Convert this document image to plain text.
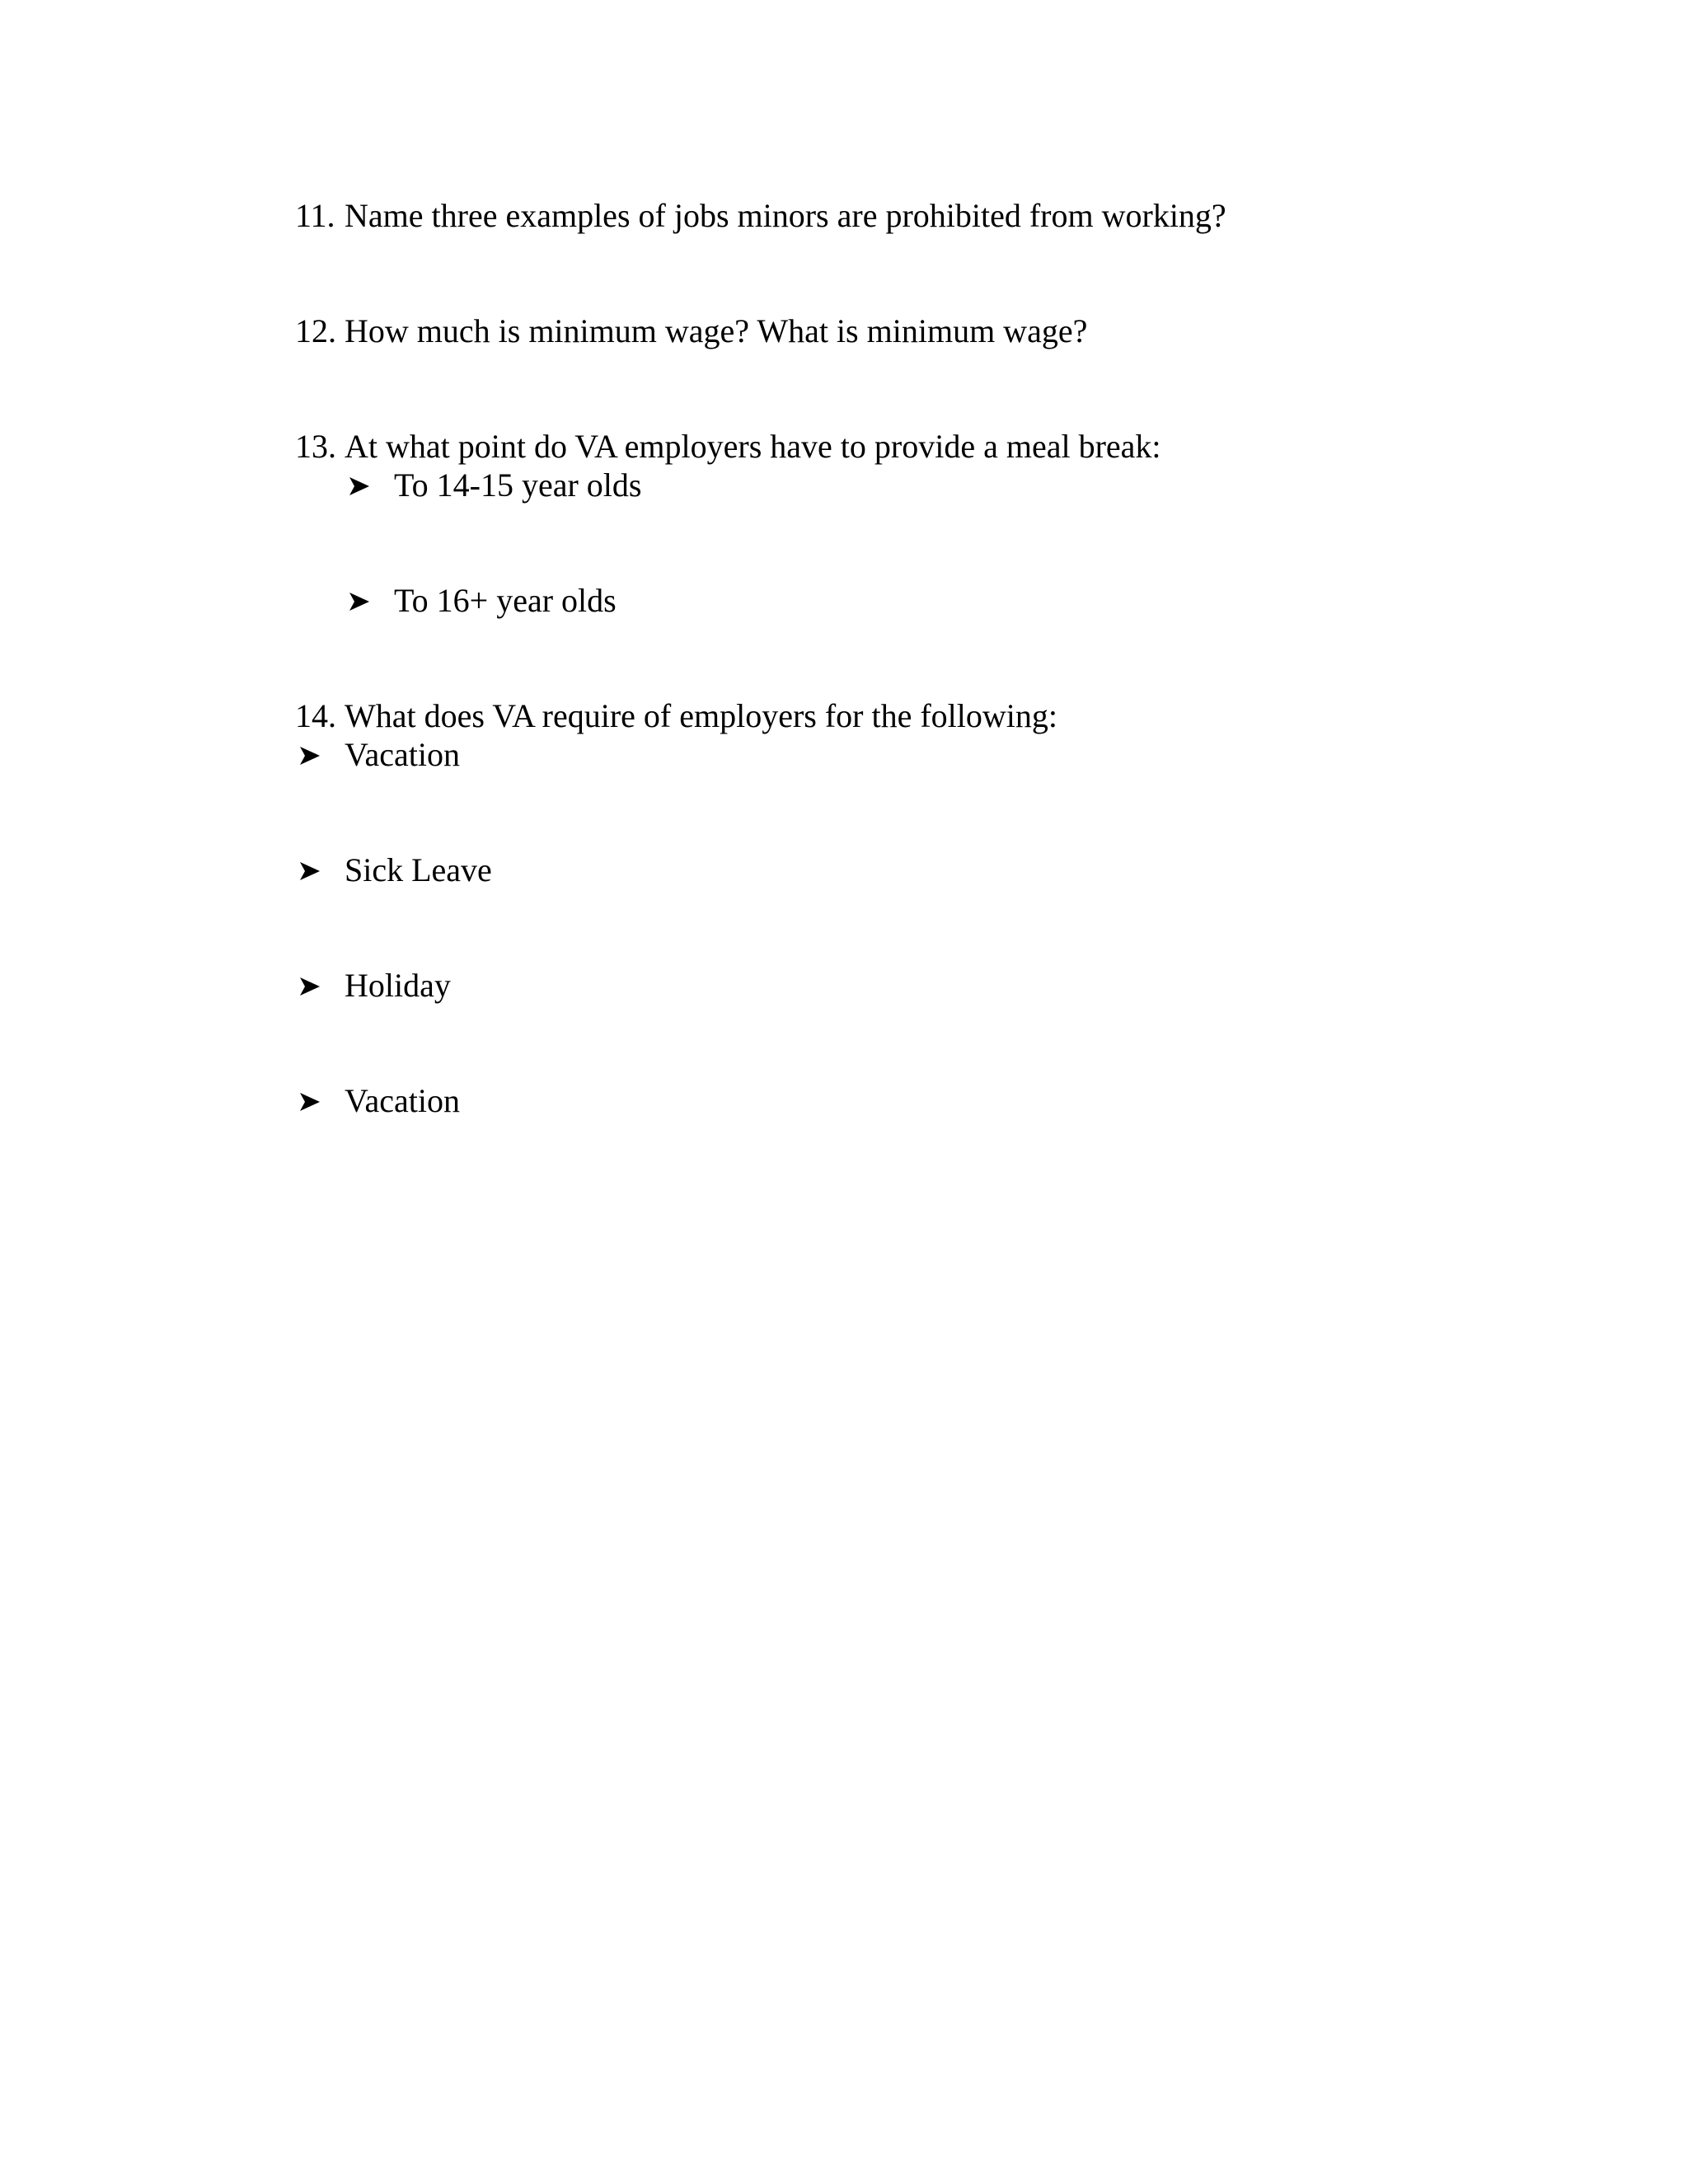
11. Name three examples of jobs minors are prohibited from working?
12. How much is minimum wage? What is minimum wage?
13. At what point do VA employers have to provide a meal break:
To 14-15 year olds
To 16+ year olds
14. What does VA require of employers for the following:
Vacation
Sick Leave
Holiday
Vacation
